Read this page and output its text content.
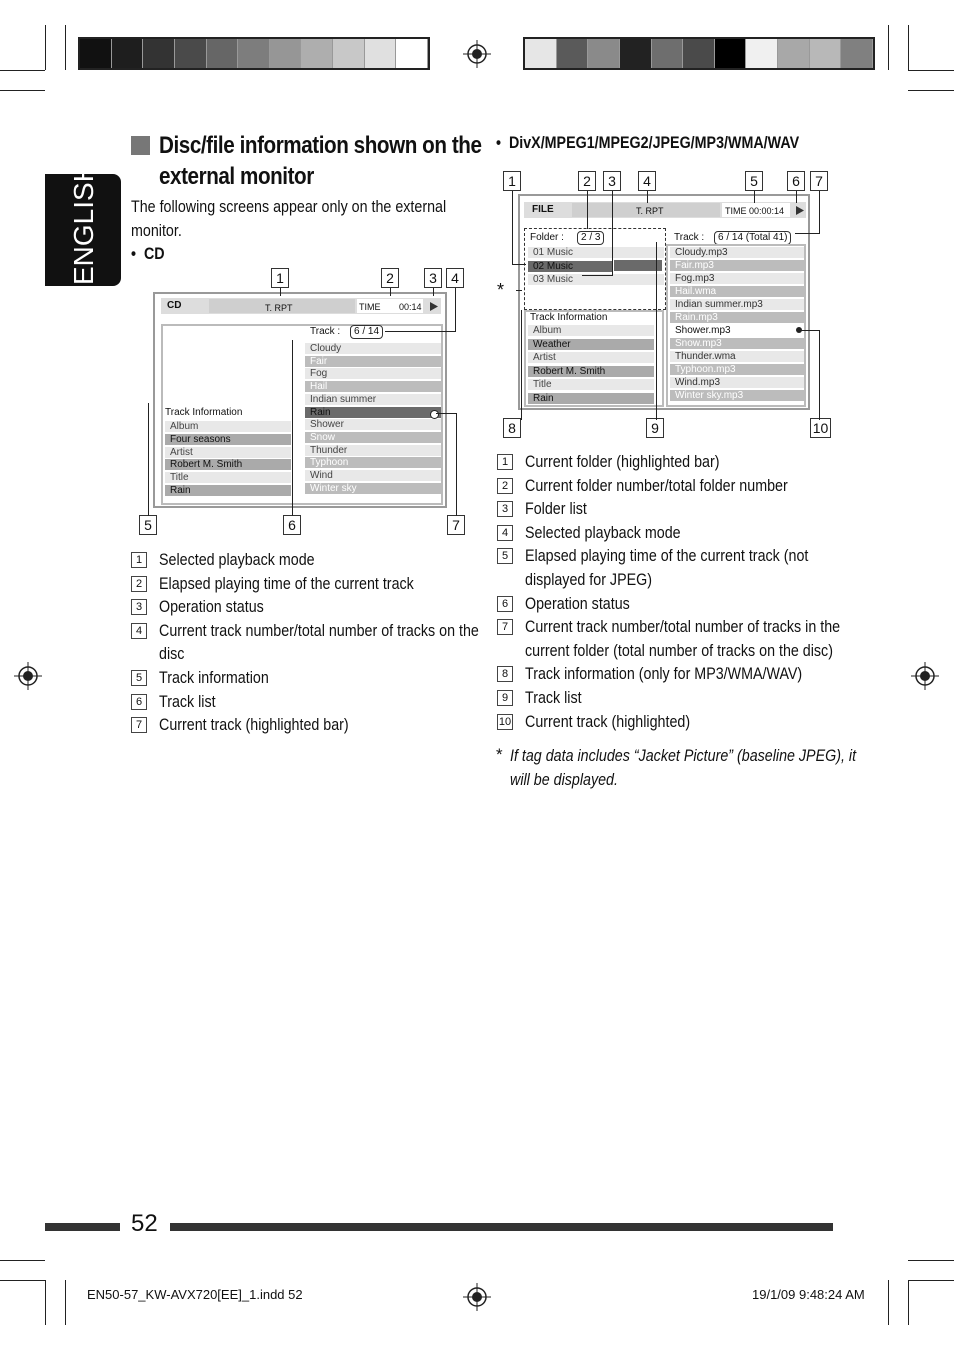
ENGLISH
Disc/file information shown on the
external monitor
The following screens appear only on the external
monitor.
•  CD
CD	T. RPT	TIME 00:14
Track :	6 / 14
Cloudy
Fair
Fog
Hail
Indian summer
Rain
Shower
Snow
Thunder
Typhoon
Wind
Winter sky
Track Information
Album
Four seasons
Artist
Robert M. Smith
Title
Rain
1	2	3	4
5	6	7
1 Selected playback mode
2 Elapsed playing time of the current track
3 Operation status
4 Current track number/total number of tracks on the
disc
5 Track information
6 Track list
7 Current track (highlighted bar)
•  DivX/MPEG1/MPEG2/JPEG/MP3/WMA/WAV
FILE	T. RPT	TIME 00:00:14
Folder :	2 / 3
01 Music
02 Music
03 Music
Track :	6 / 14 (Total 41)
Cloudy.mp3
Fair.mp3
Fog.mp3
Hail.wma
Indian summer.mp3
Rain.mp3
Shower.mp3
Snow.mp3
Thunder.wma
Typhoon.mp3
Wind.mp3
Winter sky.mp3
Track Information
Album
Weather
Artist
Robert M. Smith
Title
Rain
1	2	3	4	5	6	7
8	9	10
*
1 Current folder (highlighted bar)
2 Current folder number/total folder number
3 Folder list
4 Selected playback mode
5 Elapsed playing time of the current track (not
displayed for JPEG)
6 Operation status
7 Current track number/total number of tracks in the
current folder (total number of tracks on the disc)
8 Track information (only for MP3/WMA/WAV)
9 Track list
10 Current track (highlighted)
* If tag data includes “Jacket Picture” (baseline JPEG), it
will be displayed.
52
EN50-57_KW-AVX720[EE]_1.indd 52	19/1/09 9:48:24 AM
